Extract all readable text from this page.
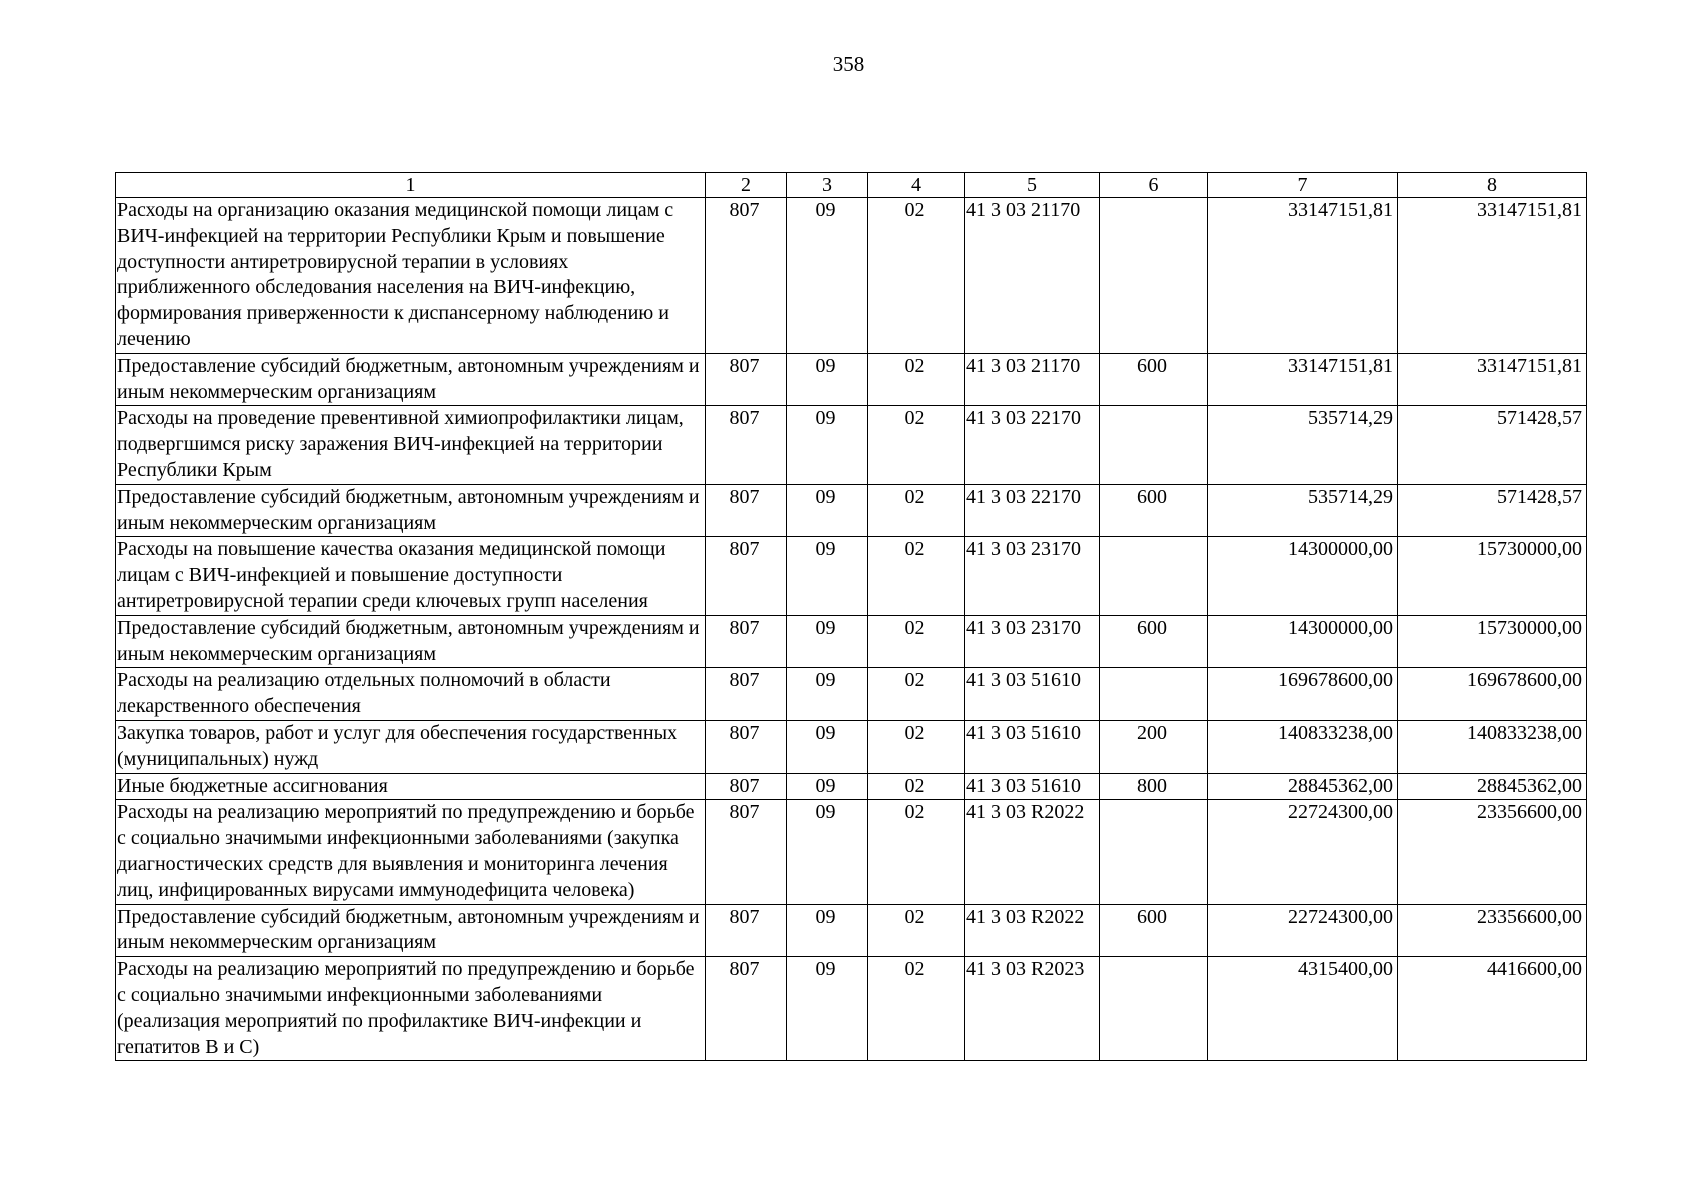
358
1	2	3	4	5	6	7	8
Расходы на организацию оказания медицинской помощи лицам с ВИЧ-инфекцией на территории Республики Крым и повышение доступности антиретровирусной терапии в условиях приближенного обследования населения на ВИЧ-инфекцию, формирования приверженности к диспансерному наблюдению и лечению	807	09	02	41 3 03 21170		33147151,81	33147151,81
Предоставление субсидий бюджетным, автономным учреждениям и иным некоммерческим организациям	807	09	02	41 3 03 21170	600	33147151,81	33147151,81
Расходы на проведение превентивной химиопрофилактики лицам, подвергшимся риску заражения ВИЧ-инфекцией на территории Республики Крым	807	09	02	41 3 03 22170		535714,29	571428,57
Предоставление субсидий бюджетным, автономным учреждениям и иным некоммерческим организациям	807	09	02	41 3 03 22170	600	535714,29	571428,57
Расходы на повышение качества оказания медицинской помощи лицам с ВИЧ-инфекцией и повышение доступности антиретровирусной терапии среди ключевых групп населения	807	09	02	41 3 03 23170		14300000,00	15730000,00
Предоставление субсидий бюджетным, автономным учреждениям и иным некоммерческим организациям	807	09	02	41 3 03 23170	600	14300000,00	15730000,00
Расходы на реализацию отдельных полномочий в области лекарственного обеспечения	807	09	02	41 3 03 51610		169678600,00	169678600,00
Закупка товаров, работ и услуг для обеспечения государственных (муниципальных) нужд	807	09	02	41 3 03 51610	200	140833238,00	140833238,00
Иные бюджетные ассигнования	807	09	02	41 3 03 51610	800	28845362,00	28845362,00
Расходы на реализацию мероприятий по предупреждению и борьбе с социально значимыми инфекционными заболеваниями (закупка диагностических средств для выявления и мониторинга лечения лиц, инфицированных вирусами иммунодефицита человека)	807	09	02	41 3 03 R2022		22724300,00	23356600,00
Предоставление субсидий бюджетным, автономным учреждениям и иным некоммерческим организациям	807	09	02	41 3 03 R2022	600	22724300,00	23356600,00
Расходы на реализацию мероприятий по предупреждению и борьбе с социально значимыми инфекционными заболеваниями (реализация мероприятий по профилактике ВИЧ-инфекции и гепатитов В и С)	807	09	02	41 3 03 R2023		4315400,00	4416600,00
